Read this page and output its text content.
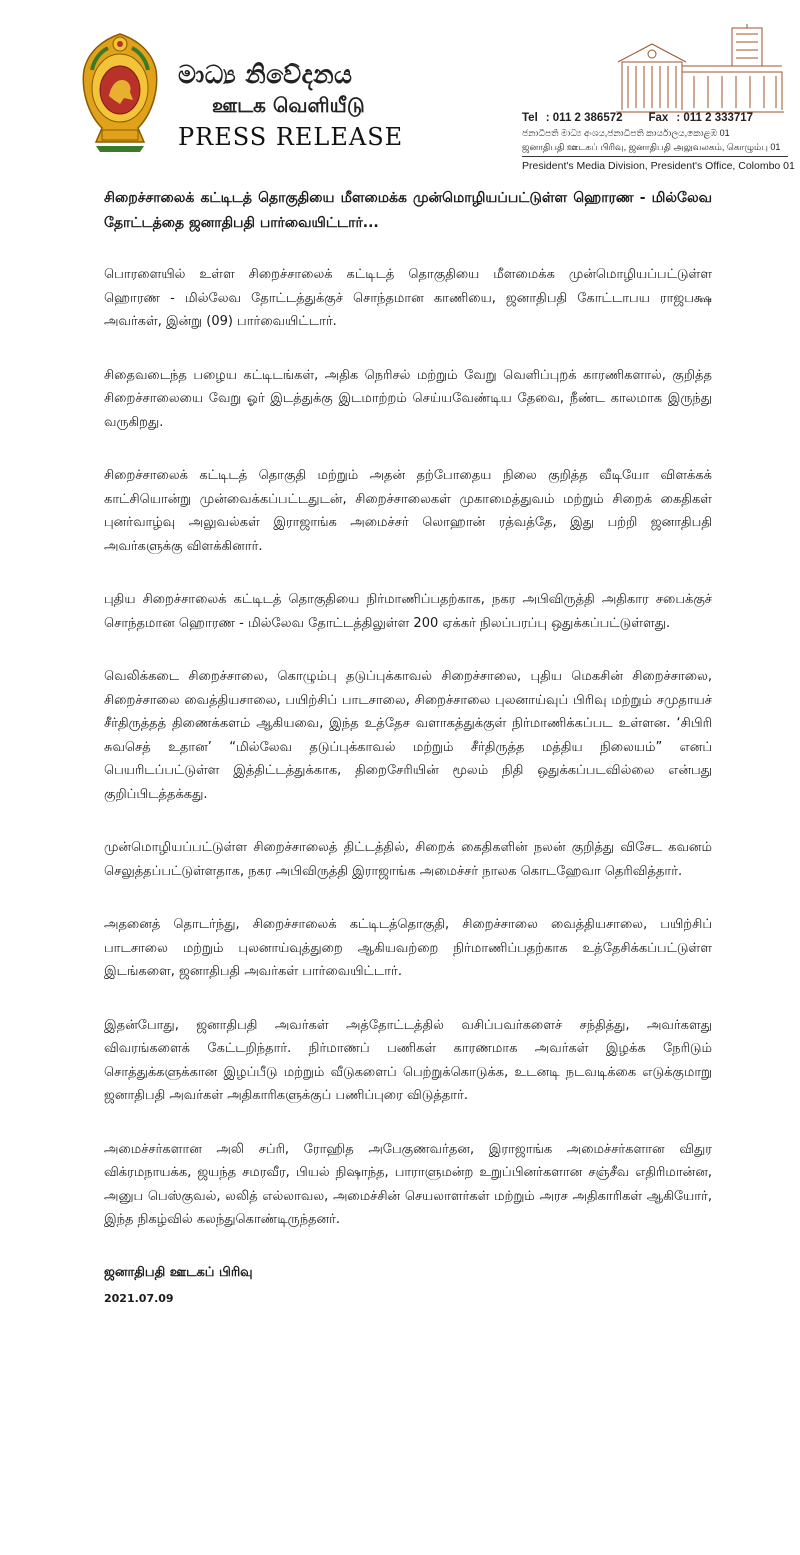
මාධ්‍ය නිවේදනය
ஊடக வெளியீடு
PRESS RELEASE
Tel : 011 2 386572 Fax : 011 2 333717
ජනාධිපති මාධ්‍ය අංශය,ජනාධිපති කාර්යාලය,කොළඹ 01
ஜனாதிபதி ஊடகப் பிரிவு, ஜனாதிபதி அலுவலகம், கொழும்பு 01
President's Media Division, President's Office, Colombo 01

சிறைச்சாலைக் கட்டிடத் தொகுதியை மீளமைக்க முன்மொழியப்பட்டுள்ள ஹொரண - மில்லேவ தோட்டத்தை ஜனாதிபதி பார்வையிட்டார்...

பொரளையில் உள்ள சிறைச்சாலைக் கட்டிடத் தொகுதியை மீளமைக்க முன்மொழியப்பட்டுள்ள ஹொரண - மில்லேவ தோட்டத்துக்குச் சொந்தமான காணியை, ஜனாதிபதி கோட்டாபய ராஜபக்ஷ அவர்கள், இன்று (09) பார்வையிட்டார்.

சிதைவடைந்த பழைய கட்டிடங்கள், அதிக நெரிசல் மற்றும் வேறு வெளிப்புறக் காரணிகளால், குறித்த சிறைச்சாலையை வேறு ஓர் இடத்துக்கு இடமாற்றம் செய்யவேண்டிய தேவை, நீண்ட காலமாக இருந்து வருகிறது.

சிறைச்சாலைக் கட்டிடத் தொகுதி மற்றும் அதன் தற்போதைய நிலை குறித்த வீடியோ விளக்கக் காட்சியொன்று முன்வைக்கப்பட்டதுடன், சிறைச்சாலைகள் முகாமைத்துவம் மற்றும் சிறைக் கைதிகள் புனர்வாழ்வு அலுவல்கள் இராஜாங்க அமைச்சர் லொஹான் ரத்வத்தே, இது பற்றி ஜனாதிபதி அவர்களுக்கு விளக்கினார்.

புதிய சிறைச்சாலைக் கட்டிடத் தொகுதியை நிர்மாணிப்பதற்காக, நகர அபிவிருத்தி அதிகார சபைக்குச் சொந்தமான ஹொரண - மில்லேவ தோட்டத்திலுள்ள 200 ஏக்கர் நிலப்பரப்பு ஒதுக்கப்பட்டுள்ளது.

வெலிக்கடை சிறைச்சாலை, கொழும்பு தடுப்புக்காவல் சிறைச்சாலை, புதிய மெகசின் சிறைச்சாலை, சிறைச்சாலை வைத்தியசாலை, பயிற்சிப் பாடசாலை, சிறைச்சாலை புலனாய்வுப் பிரிவு மற்றும் சமுதாயச் சீர்திருத்தத் திணைக்களம் ஆகியவை, இந்த உத்தேச வளாகத்துக்குள் நிர்மாணிக்கப்பட உள்ளன. ‘சிபிரி சுவசெத் உதான’ “மில்லேவ தடுப்புக்காவல் மற்றும் சீர்திருத்த மத்திய நிலையம்” எனப் பெயரிடப்பட்டுள்ள இத்திட்டத்துக்காக, திறைசேரியின் மூலம் நிதி ஒதுக்கப்படவில்லை என்பது குறிப்பிடத்தக்கது.

முன்மொழியப்பட்டுள்ள சிறைச்சாலைத் திட்டத்தில், சிறைக் கைதிகளின் நலன் குறித்து விசேட கவனம் செலுத்தப்பட்டுள்ளதாக, நகர அபிவிருத்தி இராஜாங்க அமைச்சர் நாலக கொடஹேவா தெரிவித்தார்.

அதனைத் தொடர்ந்து, சிறைச்சாலைக் கட்டிடத்தொகுதி, சிறைச்சாலை வைத்தியசாலை, பயிற்சிப் பாடசாலை மற்றும் புலனாய்வுத்துறை ஆகியவற்றை நிர்மாணிப்பதற்காக உத்தேசிக்கப்பட்டுள்ள இடங்களை, ஜனாதிபதி அவர்கள் பார்வையிட்டார்.

இதன்போது, ஜனாதிபதி அவர்கள் அத்தோட்டத்தில் வசிப்பவர்களைச் சந்தித்து, அவர்களது விவரங்களைக் கேட்டறிந்தார். நிர்மாணப் பணிகள் காரணமாக அவர்கள் இழக்க நேரிடும் சொத்துக்களுக்கான இழப்பீடு மற்றும் வீடுகளைப் பெற்றுக்கொடுக்க, உடனடி நடவடிக்கை எடுக்குமாறு ஜனாதிபதி அவர்கள் அதிகாரிகளுக்குப் பணிப்புரை விடுத்தார்.

அமைச்சர்களான அலி சப்ரி, ரோஹித அபேகுணவர்தன, இராஜாங்க அமைச்சர்களான விதுர விக்ரமநாயக்க, ஜயந்த சமரவீர, பியல் நிஷாந்த, பாராளுமன்ற உறுப்பினர்களான சஞ்சீவ எதிரிமான்ன, அனுப பெஸ்குவல், லலித் எல்லாவல, அமைச்சின் செயலாளர்கள் மற்றும் அரச அதிகாரிகள் ஆகியோர், இந்த நிகழ்வில் கலந்துகொண்டிருந்தனர்.

ஜனாதிபதி ஊடகப் பிரிவு

2021.07.09
